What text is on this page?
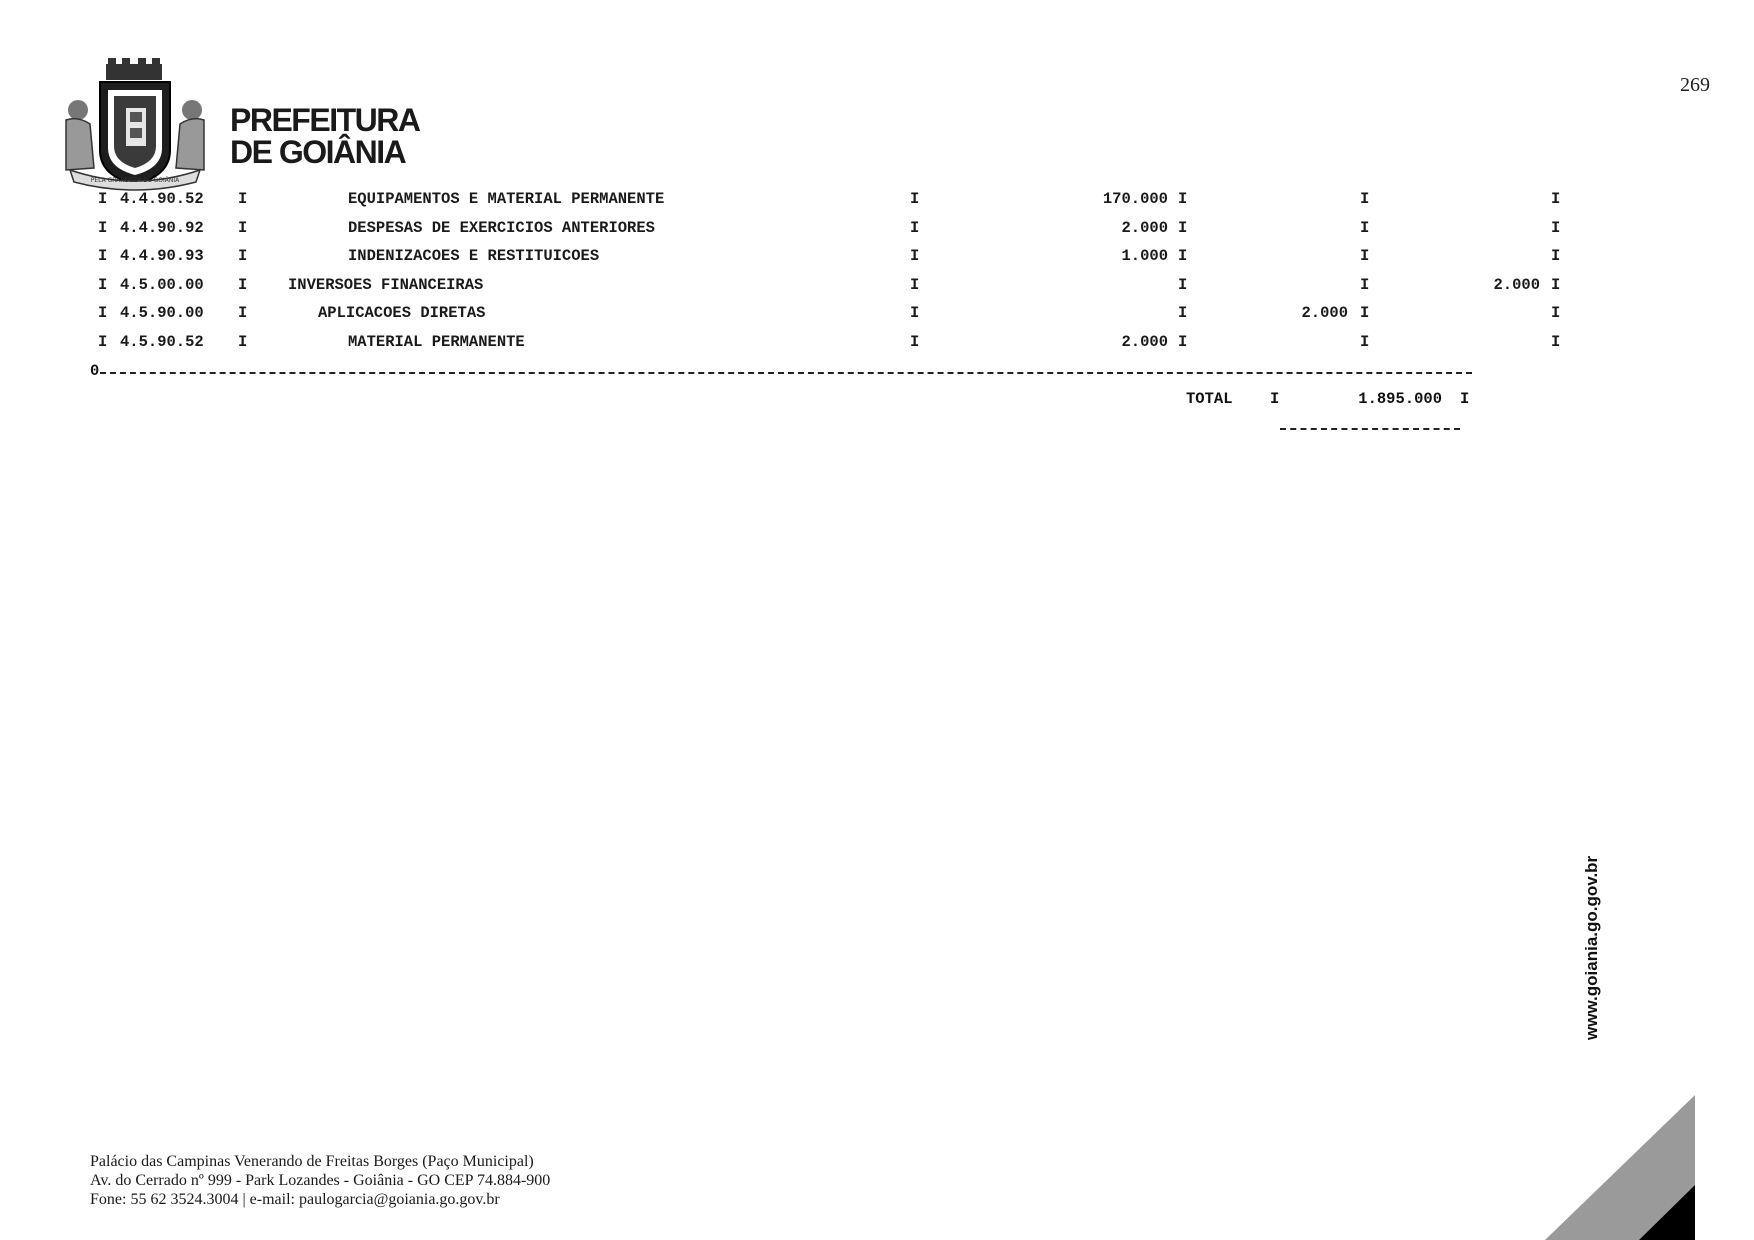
269
PELA GRANDEZA DE GOIÂNIA
PREFEITURA
DE GOIÂNIA
I 4.4.90.52 I	EQUIPAMENTOS E MATERIAL PERMANENTE	I	170.000 I	I	I
I 4.4.90.92 I	DESPESAS DE EXERCICIOS ANTERIORES	I	2.000 I	I	I
I 4.4.90.93 I	INDENIZACOES E RESTITUICOES	I	1.000 I	I	I
I 4.5.00.00 I	INVERSOES FINANCEIRAS	I	I	I	2.000 I
I 4.5.90.00 I	APLICACOES DIRETAS	I	I	2.000 I	I
I 4.5.90.52 I	MATERIAL PERMANENTE	I	2.000 I	I	I
0
TOTAL I	1.895.000 I
www.goiania.go.gov.br
Palácio das Campinas Venerando de Freitas Borges (Paço Municipal)
Av. do Cerrado nº 999 - Park Lozandes - Goiânia - GO CEP 74.884-900
Fone: 55 62 3524.3004 | e-mail: paulogarcia@goiania.go.gov.br
